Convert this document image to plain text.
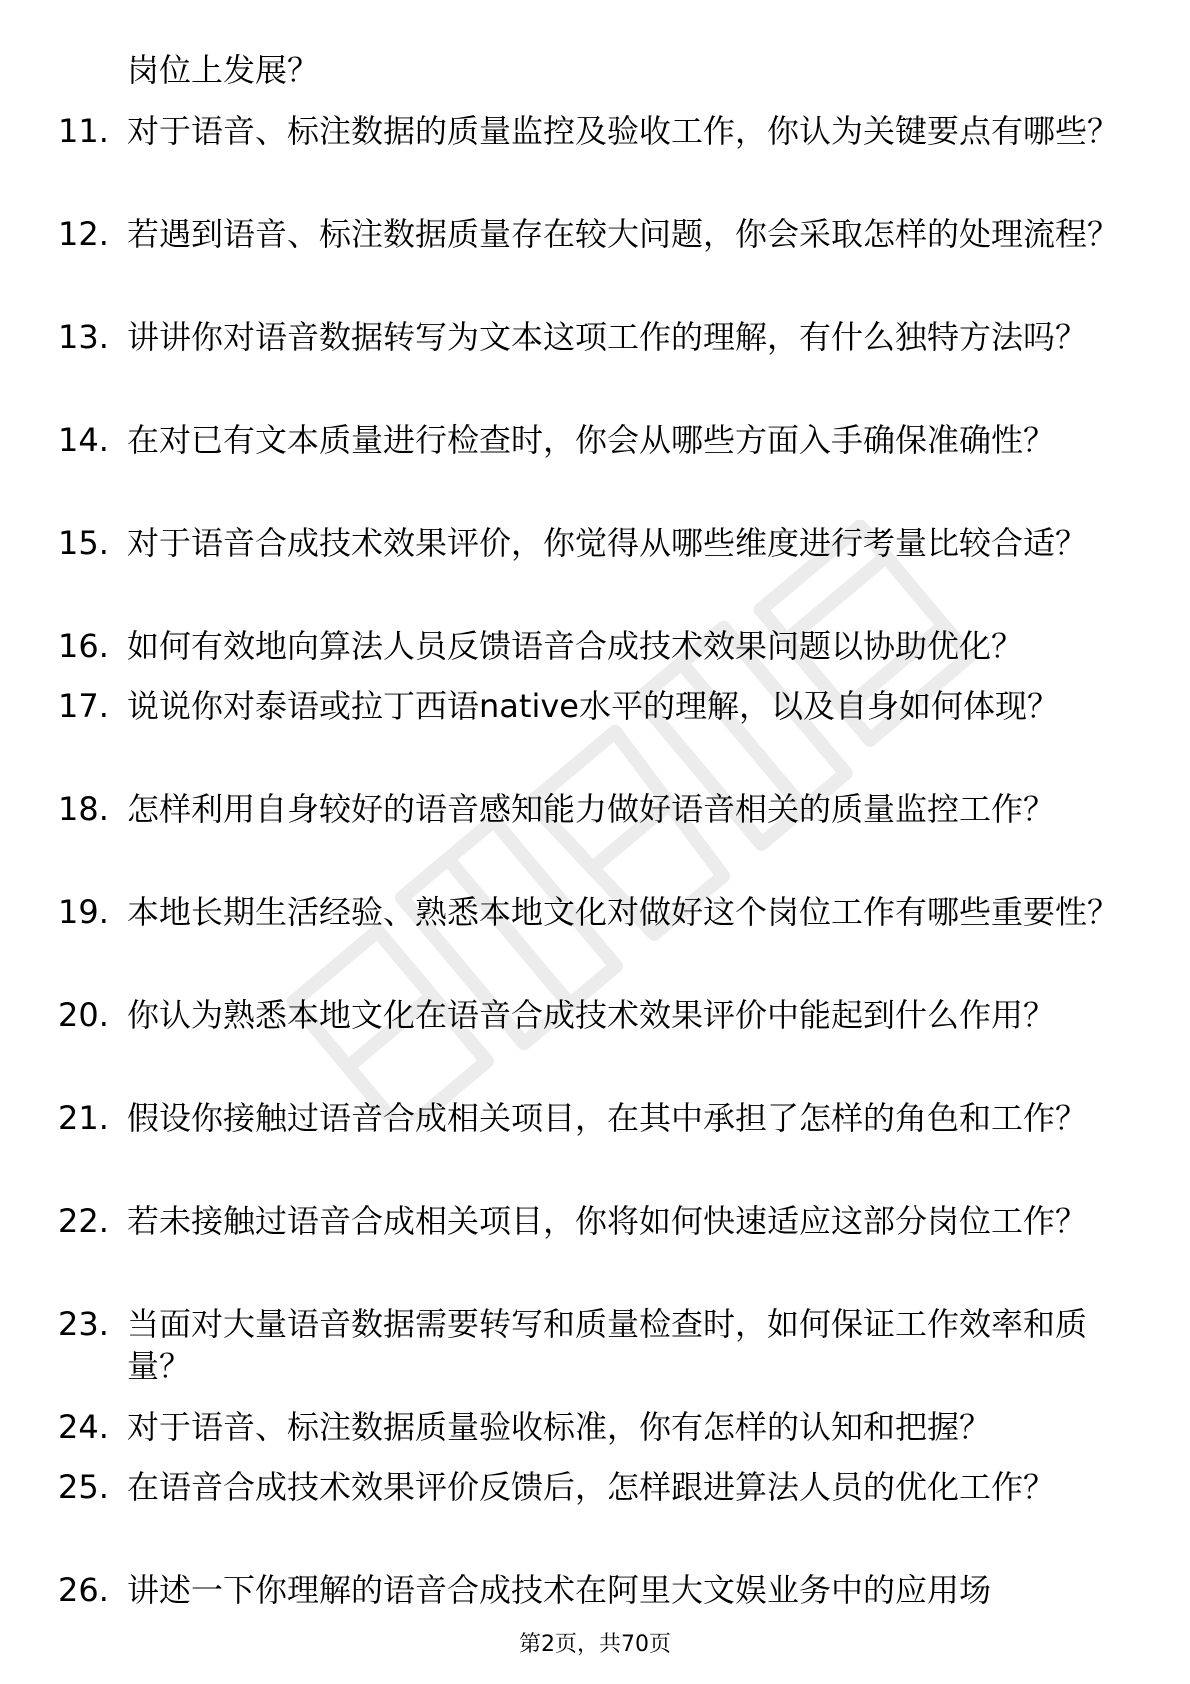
岗位上发展？
11. 对于语音、标注数据的质量监控及验收工作，你认为关键要点有哪些？
12. 若遇到语音、标注数据质量存在较大问题，你会采取怎样的处理流程？
13. 讲讲你对语音数据转写为文本这项工作的理解，有什么独特方法吗？
14. 在对已有文本质量进行检查时，你会从哪些方面入手确保准确性？
15. 对于语音合成技术效果评价，你觉得从哪些维度进行考量比较合适？
16. 如何有效地向算法人员反馈语音合成技术效果问题以协助优化？
17. 说说你对泰语或拉丁西语native水平的理解，以及自身如何体现？
18. 怎样利用自身较好的语音感知能力做好语音相关的质量监控工作？
19. 本地长期生活经验、熟悉本地文化对做好这个岗位工作有哪些重要性？
20. 你认为熟悉本地文化在语音合成技术效果评价中能起到什么作用？
21. 假设你接触过语音合成相关项目，在其中承担了怎样的角色和工作？
22. 若未接触过语音合成相关项目，你将如何快速适应这部分岗位工作？
23. 当面对大量语音数据需要转写和质量检查时，如何保证工作效率和质量？
24. 对于语音、标注数据质量验收标准，你有怎样的认知和把握？
25. 在语音合成技术效果评价反馈后，怎样跟进算法人员的优化工作？
26. 讲述一下你理解的语音合成技术在阿里大文娱业务中的应用场
第2页，共70页
